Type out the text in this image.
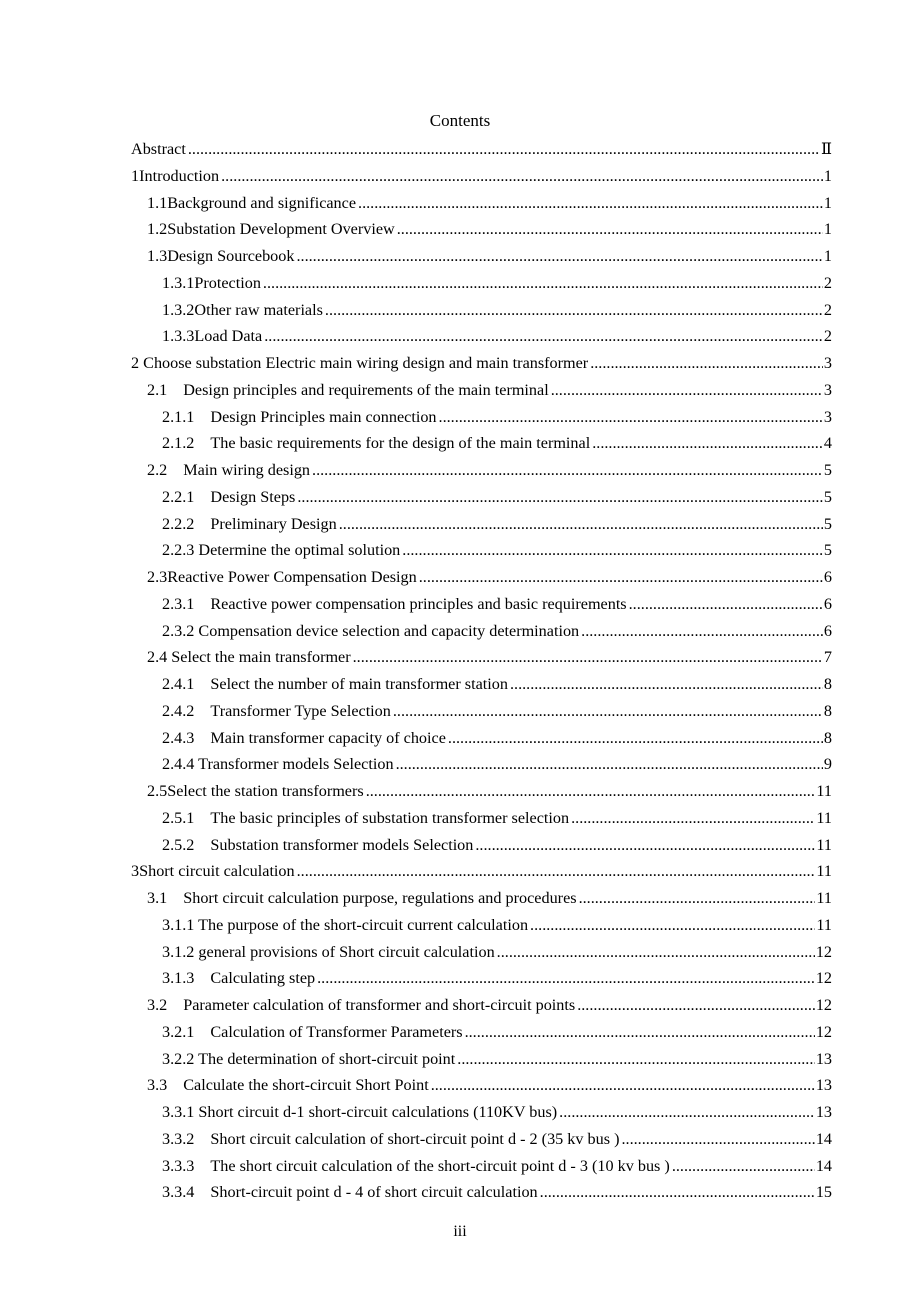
Contents
Abstract .....	Ⅱ
1Introduction .....	1
1.1Background and significance .....	1
1.2Substation Development Overview .....	1
1.3Design Sourcebook .....	1
1.3.1Protection .....	2
1.3.2Other raw materials .....	2
1.3.3Load Data .....	2
2 Choose substation Electric main wiring design and main transformer .....	3
2.1 Design principles and requirements of the main terminal .....	3
2.1.1 Design Principles main connection .....	3
2.1.2 The basic requirements for the design of the main terminal .....	4
2.2 Main wiring design .....	5
2.2.1 Design Steps .....	5
2.2.2 Preliminary Design .....	5
2.2.3 Determine the optimal solution .....	5
2.3Reactive Power Compensation Design .....	6
2.3.1 Reactive power compensation principles and basic requirements .....	6
2.3.2 Compensation device selection and capacity determination .....	6
2.4 Select the main transformer .....	7
2.4.1 Select the number of main transformer station .....	8
2.4.2 Transformer Type Selection .....	8
2.4.3 Main transformer capacity of choice .....	8
2.4.4 Transformer models Selection .....	9
2.5Select the station transformers .....	11
2.5.1 The basic principles of substation transformer selection .....	11
2.5.2 Substation transformer models Selection .....	11
3Short circuit calculation .....	11
3.1 Short circuit calculation purpose, regulations and procedures .....	11
3.1.1 The purpose of the short-circuit current calculation .....	11
3.1.2 general provisions of Short circuit calculation .....	12
3.1.3 Calculating step .....	12
3.2 Parameter calculation of transformer and short-circuit points .....	12
3.2.1 Calculation of Transformer Parameters .....	12
3.2.2 The determination of short-circuit point .....	13
3.3 Calculate the short-circuit Short Point .....	13
3.3.1 Short circuit d-1 short-circuit calculations (110KV bus) .....	13
3.3.2 Short circuit calculation of short-circuit point d - 2 (35 kv bus ) .....	14
3.3.3 The short circuit calculation of the short-circuit point d - 3 (10 kv bus ) .....	14
3.3.4 Short-circuit point d - 4 of short circuit calculation .....	15
iii
